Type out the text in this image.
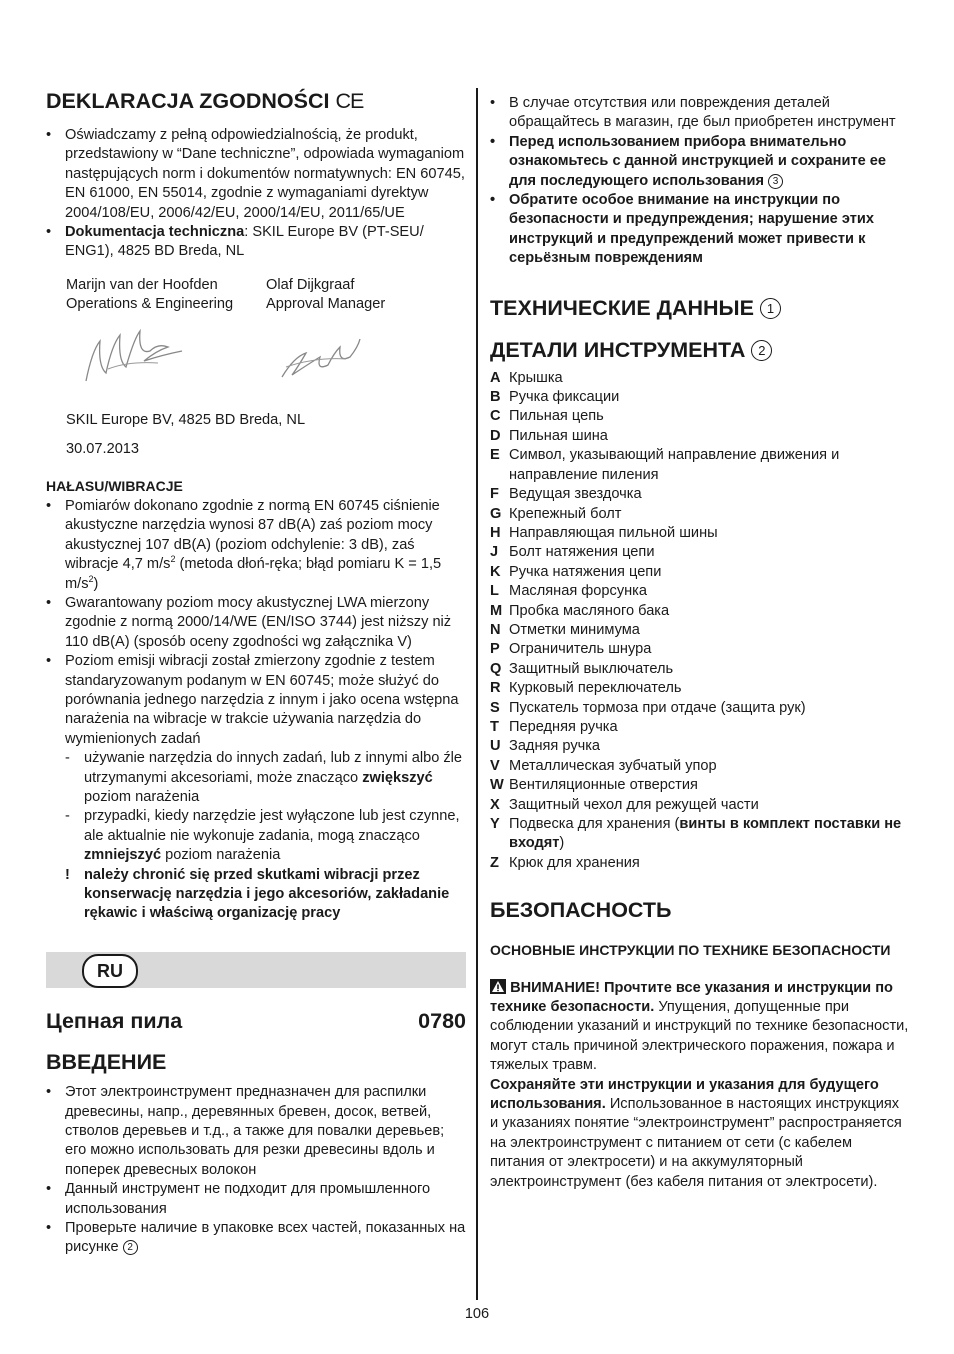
DEKLARACJA ZGODNOŚCI CE

• Oświadczamy z pełną odpowiedzialnością, że produkt, przedstawiony w “Dane techniczne”, odpowiada wymaganiom następujących norm i dokumentów normatywnych: EN 60745, EN 61000, EN 55014, zgodnie z wymaganiami dyrektyw 2004/108/EU, 2006/42/EU, 2000/14/EU, 2011/65/UE

• Dokumentacja techniczna: SKIL Europe BV (PT-SEU/ ENG1), 4825 BD Breda, NL

Marijn van der Hoofden
Operations & Engineering
Olaf Dijkgraaf
Approval Manager
SKIL Europe BV, 4825 BD Breda, NL
30.07.2013

HAŁASU/WIBRACJE

• Pomiarów dokonano zgodnie z normą EN 60745 ciśnienie akustyczne narzędzia wynosi 87 dB(A) zaś poziom mocy akustycznej 107 dB(A) (poziom odchylenie: 3 dB), zaś wibracje 4,7 $m/s^2$ (metoda dłoń-ręka; błąd pomiaru K = 1,5 $m/s^2$)

• Gwarantowany poziom mocy akustycznej LWA mierzony zgodnie z normą 2000/14/WE (EN/ISO 3744) jest niższy niż 110 dB(A) (sposób oceny zgodności wg załącznika V)

• Poziom emisji wibracji został zmierzony zgodnie z testem standaryzowanym podanym w EN 60745; może służyć do porównania jednego narzędzia z innym i jako ocena wstępna narażenia na wibracje w trakcie używania narzędzia do wymienionych zadań

- używanie narzędzia do innych zadań, lub z innymi albo źle utrzymanymi akcesoriami, może znacząco zwiększyć poziom narażenia

- przypadki, kiedy narzędzie jest wyłączone lub jest czynne, ale aktualnie nie wykonuje zadania, mogą znacząco zmniejszyć poziom narażenia

! należy chronić się przed skutkami wibracji przez konserwację narzędzia i jego akcesoriów, zakładanie rękawic i właściwą organizację pracy

RU
Цепная пила	0780
ВВЕДЕНИЕ

• Этот электроинструмент предназначен для распилки древесины, напр., деревянных бревен, досок, ветвей, стволов деревьев и т.д., а также для повалки деревьев; его можно использовать для резки древесины вдоль и поперек древесных волокон

• Данный инструмент не подходит для промышленного использования

• Проверьте наличие в упаковке всех частей, показанных на рисунке 2

• В случае отсутствия или повреждения деталей обращайтесь в магазин, где был приобретен инструмент

• Перед использованием прибора внимательно ознакомьтесь с данной инструкцией и сохраните ее для последующего использования 3

• Обратите особое внимание на инструкции по безопасности и предупреждения; нарушение этих инструкций и предупреждений может привести к серьёзным повреждениям

ТЕХНИЧЕСКИЕ ДАННЫЕ 1
ДЕТАЛИ ИНСТРУМЕНТА 2
A Крышка
B Ручка фиксации
C Пильная цепь
D Пильная шина
E Символ, указывающий направление движения и направление пиления
F Ведущая звездочка
G Крепежный болт
H Направляющая пильной шины
J Болт натяжения цепи
K Ручка натяжения цепи
L Масляная форсунка
M Пробка масляного бака
N Отметки минимума
P Ограничитель шнура
Q Защитный выключатель
R Курковый переключатель
S Пускатель тормоза при отдаче (защита рук)
T Передняя ручка
U Задняя ручка
V Металлическая зубчатый упор
W Вентиляционные отверстия
X Защитный чехол для режущей части
Y Подвеска для хранения (винты в комплект поставки не входят)
Z Крюк для хранения
БЕЗОПАСНОСТЬ

ОСНОВНЫЕ ИНСТРУКЦИИ ПО ТЕХНИКЕ БЕЗОПАСНОСТИ

ВНИМАНИЕ! Прочтите все указания и инструкции по технике безопасности. Упущения, допущенные при соблюдении указаний и инструкций по технике безопасности, могут сталь причиной электрического поражения, пожара и тяжелых травм.

Сохраняйте эти инструкции и указания для будущего использования. Использованное в настоящих инструкциях и указаниях понятие “электроинструмент” распространяется на электроинструмент с питанием от сети (с кабелем питания от электросети) и на аккумуляторный электроинструмент (без кабеля питания от электросети).

106
